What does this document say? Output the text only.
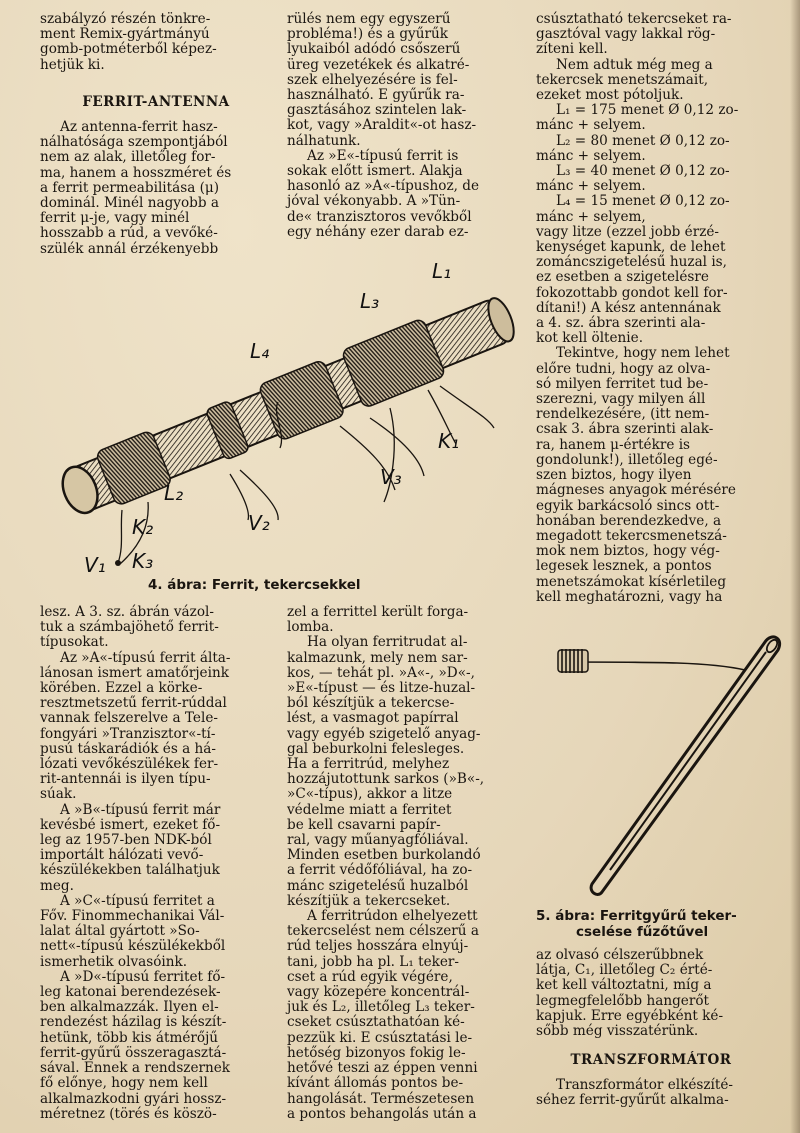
szabályzó részén tönkre-

ment Remix-gyártmányú

gomb-potméterből képez-

hetjük ki.

FERRIT-ANTENNA

Az antenna-ferrit hasz-

nálhatósága szempontjából

nem az alak, illetőleg for-

ma, hanem a hosszméret és

a ferrit permeabilitása (μ)

dominál. Minél nagyobb a

ferrit μ-je, vagy minél

hosszabb a rúd, a vevőké-

szülék annál érzékenyebb

rülés nem egy egyszerű

probléma!) és a gyűrűk

lyukaiból adódó csőszerű

üreg vezetékek és alkatré-

szek elhelyezésére is fel-

használható. E gyűrűk ra-

gasztásához szintelen lak-

kot, vagy »Araldit«-ot hasz-

nálhatunk.

Az »E«-típusú ferrit is

sokak előtt ismert. Alakja

hasonló az »A«-típushoz, de

jóval vékonyabb. A »Tün-

de« tranzisztoros vevőkből

egy néhány ezer darab ez-

csúsztatható tekercseket ra-

gasztóval vagy lakkal rög-

zíteni kell.

Nem adtuk még meg a

tekercsek menetszámait,

ezeket most pótoljuk.

L₁ = 175 menet Ø 0,12 zo-

mánc + selyem.

L₂ = 80 menet Ø 0,12 zo-

mánc + selyem.

L₃ = 40 menet Ø 0,12 zo-

mánc + selyem.

L₄ = 15 menet Ø 0,12 zo-

mánc + selyem,

vagy litze (ezzel jobb érzé-

kenységet kapunk, de lehet

zománcszigetelésű huzal is,

ez esetben a szigetelésre

fokozottabb gondot kell for-

dítani!) A kész antennának

a 4. sz. ábra szerinti ala-

kot kell öltenie.

Tekintve, hogy nem lehet

előre tudni, hogy az olva-

só milyen ferritet tud be-

szerezni, vagy milyen áll

rendelkezésére, (itt nem-

csak 3. ábra szerinti alak-

ra, hanem μ-értékre is

gondolunk!), illetőleg egé-

szen biztos, hogy ilyen

mágneses anyagok mérésére

egyik barkácsoló sincs ott-

honában berendezkedve, a

megadott tekercsmenetszá-

mok nem biztos, hogy vég-

legesek lesznek, a pontos

menetszámokat kísérletileg

kell meghatározni, vagy ha

L₁
L₃
L₄
K₁
V₃
L₂
V₂
K₂
K₃
V₁
4. ábra: Ferrit, tekercsekkel

lesz. A 3. sz. ábrán vázol-

tuk a számbajöhető ferrit-

típusokat.

Az »A«-típusú ferrit álta-

lánosan ismert amatőrjeink

körében. Ezzel a körke-

resztmetszetű ferrit-rúddal

vannak felszerelve a Tele-

fongyári »Tranzisztor«-tí-

pusú táskarádiók és a há-

lózati vevőkészülékek fer-

rit-antennái is ilyen típu-

súak.

A »B«-típusú ferrit már

kevésbé ismert, ezeket fő-

leg az 1957-ben NDK-ból

importált hálózati vevő-

készülékekben találhatjuk

meg.

A »C«-típusú ferritet a

Főv. Finommechanikai Vál-

lalat által gyártott »So-

nett«-típusú készülékekből

ismerhetik olvasóink.

A »D«-típusú ferritet fő-

leg katonai berendezések-

ben alkalmazzák. Ilyen el-

rendezést házilag is készít-

hetünk, több kis átmérőjű

ferrit-gyűrű összeragasztá-

sával. Ennek a rendszernek

fő előnye, hogy nem kell

alkalmazkodni gyári hossz-

méretnez (törés és köszö-

zel a ferrittel került forga-

lomba.

Ha olyan ferritrudat al-

kalmazunk, mely nem sar-

kos, — tehát pl. »A«-, »D«-,

»E«-típust — és litze-huzal-

ból készítjük a tekercse-

lést, a vasmagot papírral

vagy egyéb szigetelő anyag-

gal beburkolni felesleges.

Ha a ferritrúd, melyhez

hozzájutottunk sarkos (»B«-,

»C«-típus), akkor a litze

védelme miatt a ferritet

be kell csavarni papír-

ral, vagy műanyagfóliával.

Minden esetben burkolandó

a ferrit védőfóliával, ha zo-

mánc szigetelésű huzalból

készítjük a tekercseket.

A ferritrúdon elhelyezett

tekercselést nem célszerű a

rúd teljes hosszára elnyúj-

tani, jobb ha pl. L₁ teker-

cset a rúd egyik végére,

vagy közepére koncentrál-

juk és L₂, illetőleg L₃ teker-

cseket csúsztathatóan ké-

pezzük ki. E csúsztatási le-

hetőség bizonyos fokig le-

hetővé teszi az éppen venni

kívánt állomás pontos be-

hangolását. Természetesen

a pontos behangolás után a

5. ábra: Ferritgyűrű teker-
cselése fűzőtűvel

az olvasó célszerűbbnek

látja, C₁, illetőleg C₂ érté-

ket kell változtatni, míg a

legmegfelelőbb hangerőt

kapjuk. Erre egyébként ké-

sőbb még visszatérünk.

TRANSZFORMÁTOR

Transzformátor elkészíté-

séhez ferrit-gyűrűt alkalma-
